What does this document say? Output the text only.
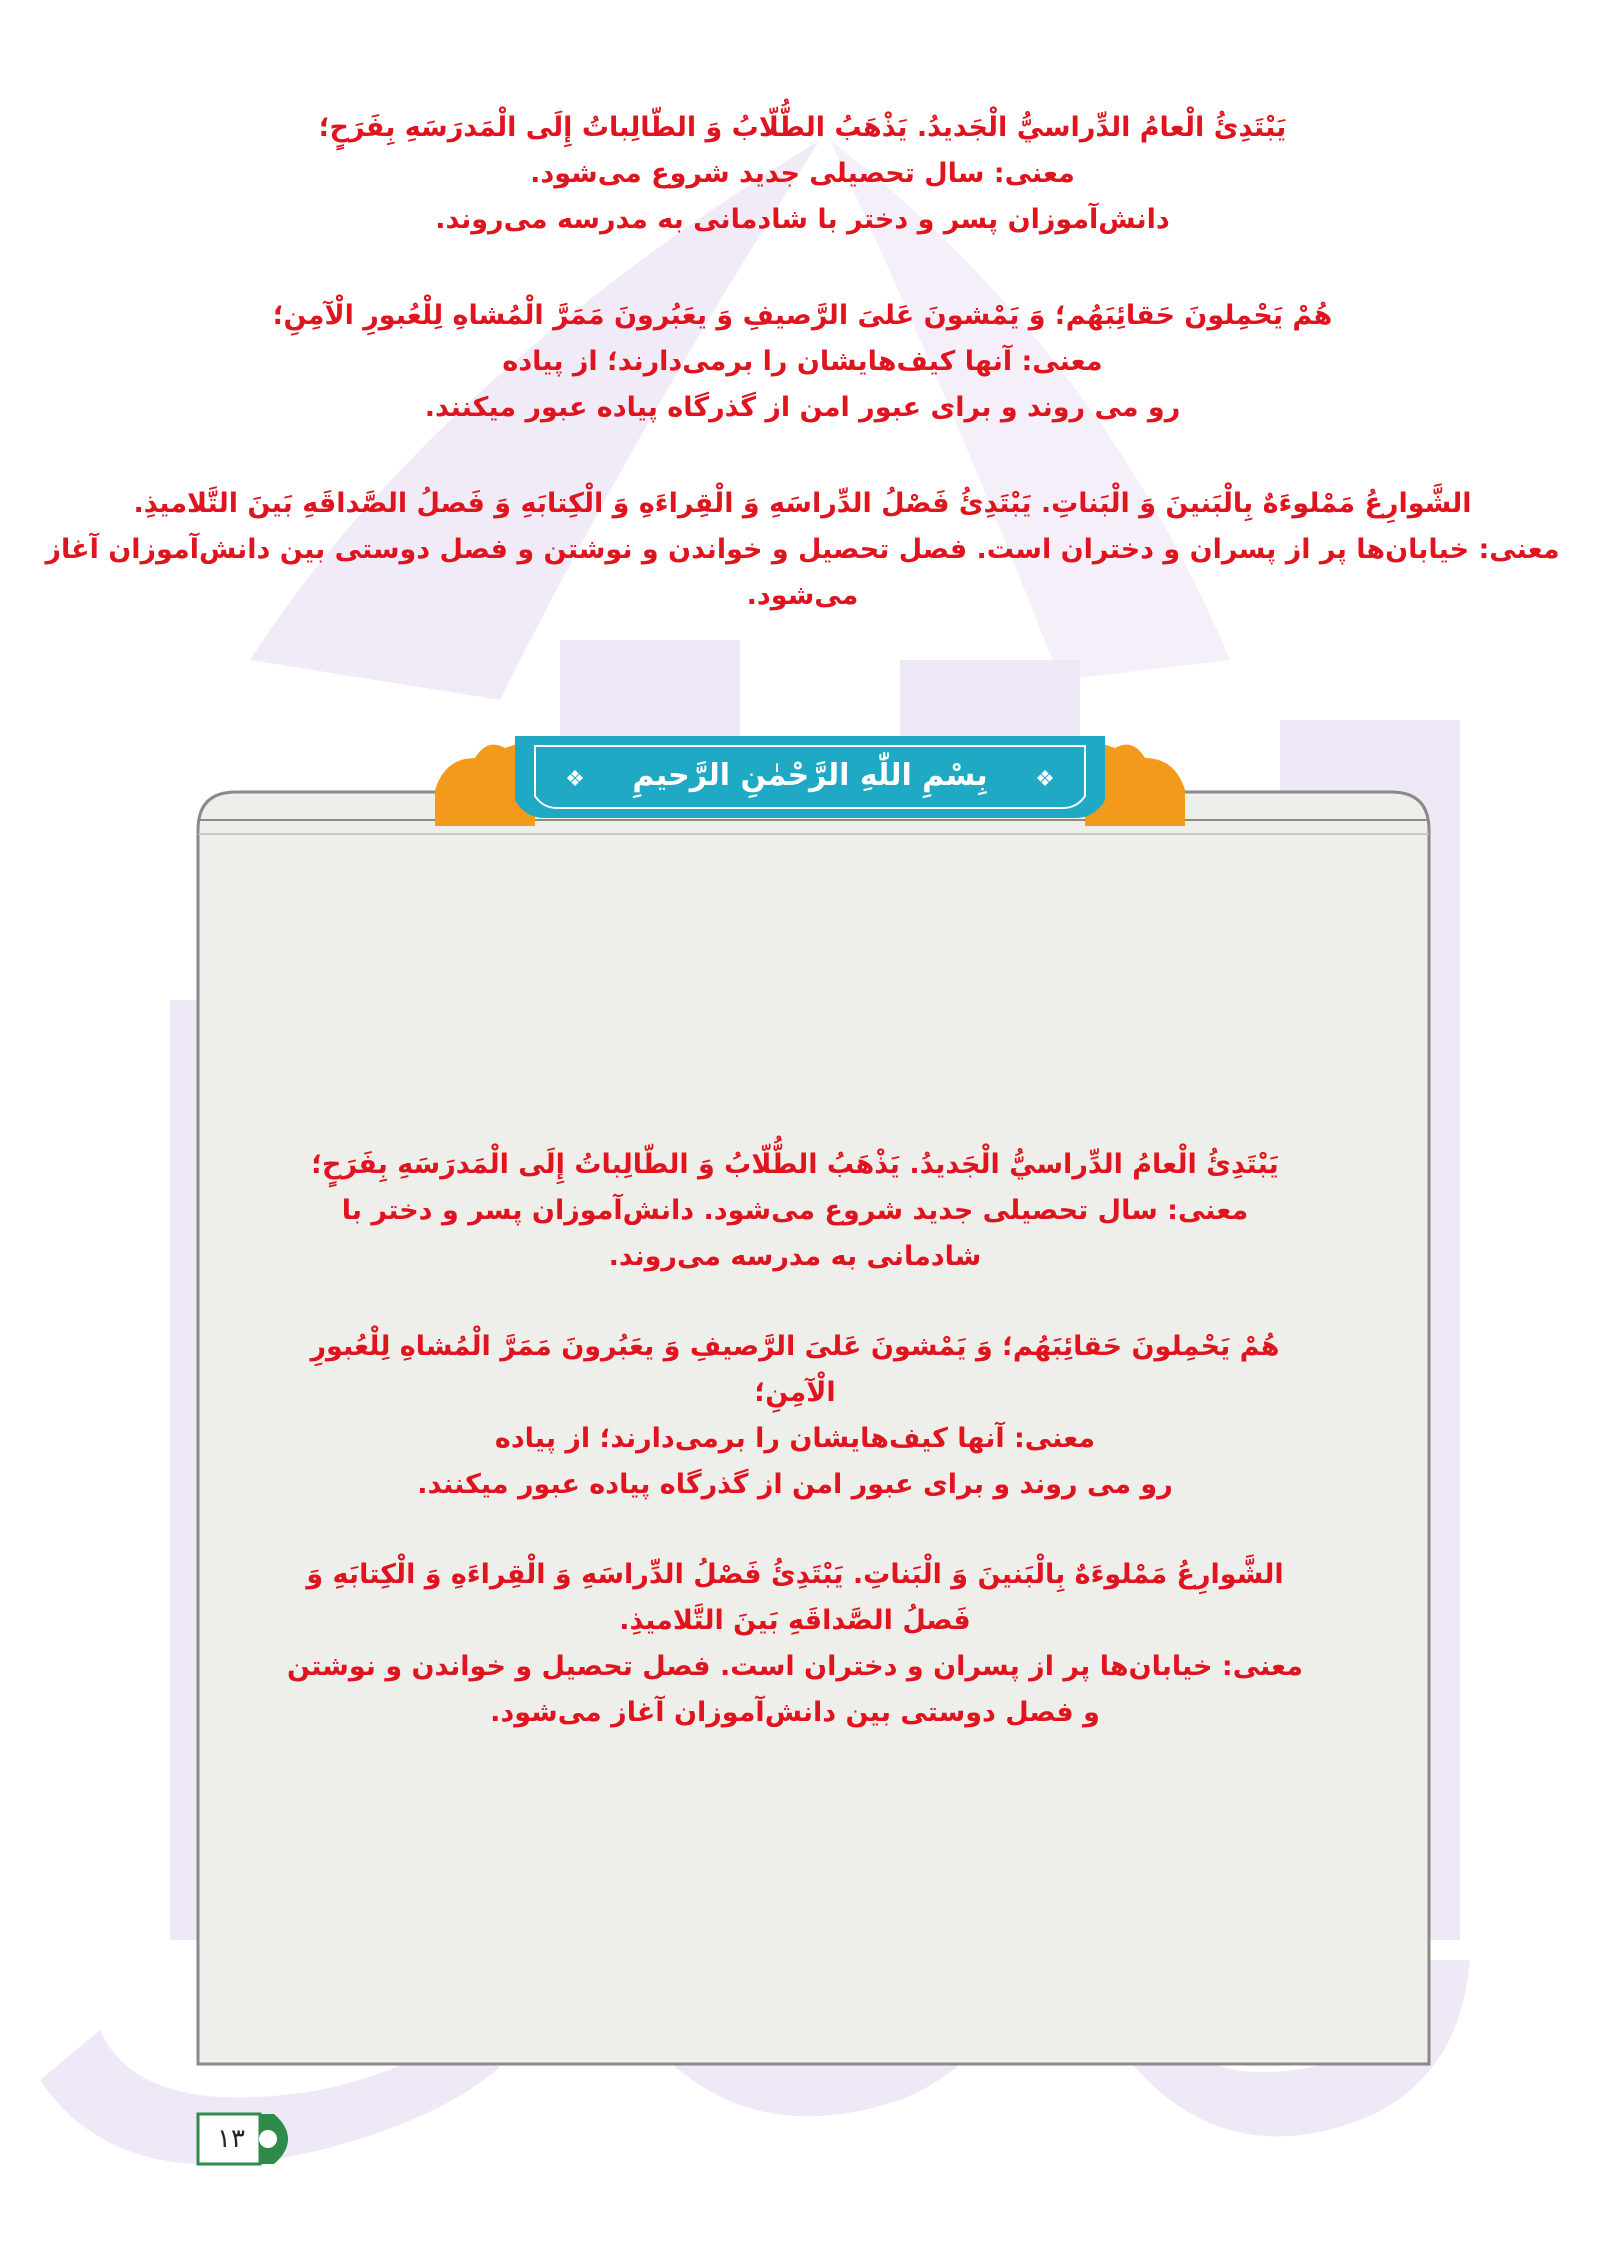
يَبْتَدِئُ الْعامُ الدِّراسيُّ الْجَديدُ. يَذْهَبُ الطُّلّابُ وَ الطّالِباتُ إِلَى الْمَدرَسَهِ بِفَرَحٍ؛
معنی: سال تحصیلی جدید شروع می‌شود.
دانش‌آموزان پسر و دختر با شادمانی به مدرسه می‌روند.
هُمْ يَحْمِلونَ حَقائِبَهُم؛ وَ يَمْشونَ عَلىَ الرَّصيفِ وَ يعَبُرونَ مَمَرَّ الْمُشاهِ لِلْعُبورِ الْآمِنِ؛
معنی: آنها کیف‌هایشان را برمی‌دارند؛ از پیاده
رو می روند و برای عبور امن از گذرگاه پیاده عبور میکنند.
الشَّوارِعُ مَمْلوءَهٌ بِالْبَنينَ وَ الْبَناتِ. يَبْتَدِئُ فَصْلُ الدِّراسَهِ وَ الْقِراءَهِ وَ الْكِتابَهِ وَ فَصلُ الصَّداقَهِ بَينَ التَّلاميذِ.
معنی: خیابان‌ها پر از پسران و دختران است. فصل تحصیل و خواندن و نوشتن و فصل دوستی بین دانش‌آموزان آغاز می‌شود.
❖	❖
بِسْمِ اللّٰهِ الرَّحْمٰنِ الرَّحيمِ
يَبْتَدِئُ الْعامُ الدِّراسيُّ الْجَديدُ. يَذْهَبُ الطُّلّابُ وَ الطّالِباتُ إِلَى الْمَدرَسَهِ بِفَرَحٍ؛
معنی: سال تحصیلی جدید شروع می‌شود. دانش‌آموزان پسر و دختر با شادمانی به مدرسه می‌روند.
هُمْ يَحْمِلونَ حَقائِبَهُم؛ وَ يَمْشونَ عَلىَ الرَّصيفِ وَ يعَبُرونَ مَمَرَّ الْمُشاهِ لِلْعُبورِ الْآمِنِ؛
معنی: آنها کیف‌هایشان را برمی‌دارند؛ از پیاده
رو می روند و برای عبور امن از گذرگاه پیاده عبور میکنند.
الشَّوارِعُ مَمْلوءَهٌ بِالْبَنينَ وَ الْبَناتِ. يَبْتَدِئُ فَصْلُ الدِّراسَهِ وَ الْقِراءَهِ وَ الْكِتابَهِ وَ فَصلُ الصَّداقَهِ بَينَ التَّلاميذِ.
معنی: خیابان‌ها پر از پسران و دختران است. فصل تحصیل و خواندن و نوشتن و فصل دوستی بین دانش‌آموزان آغاز می‌شود.
۱۳
